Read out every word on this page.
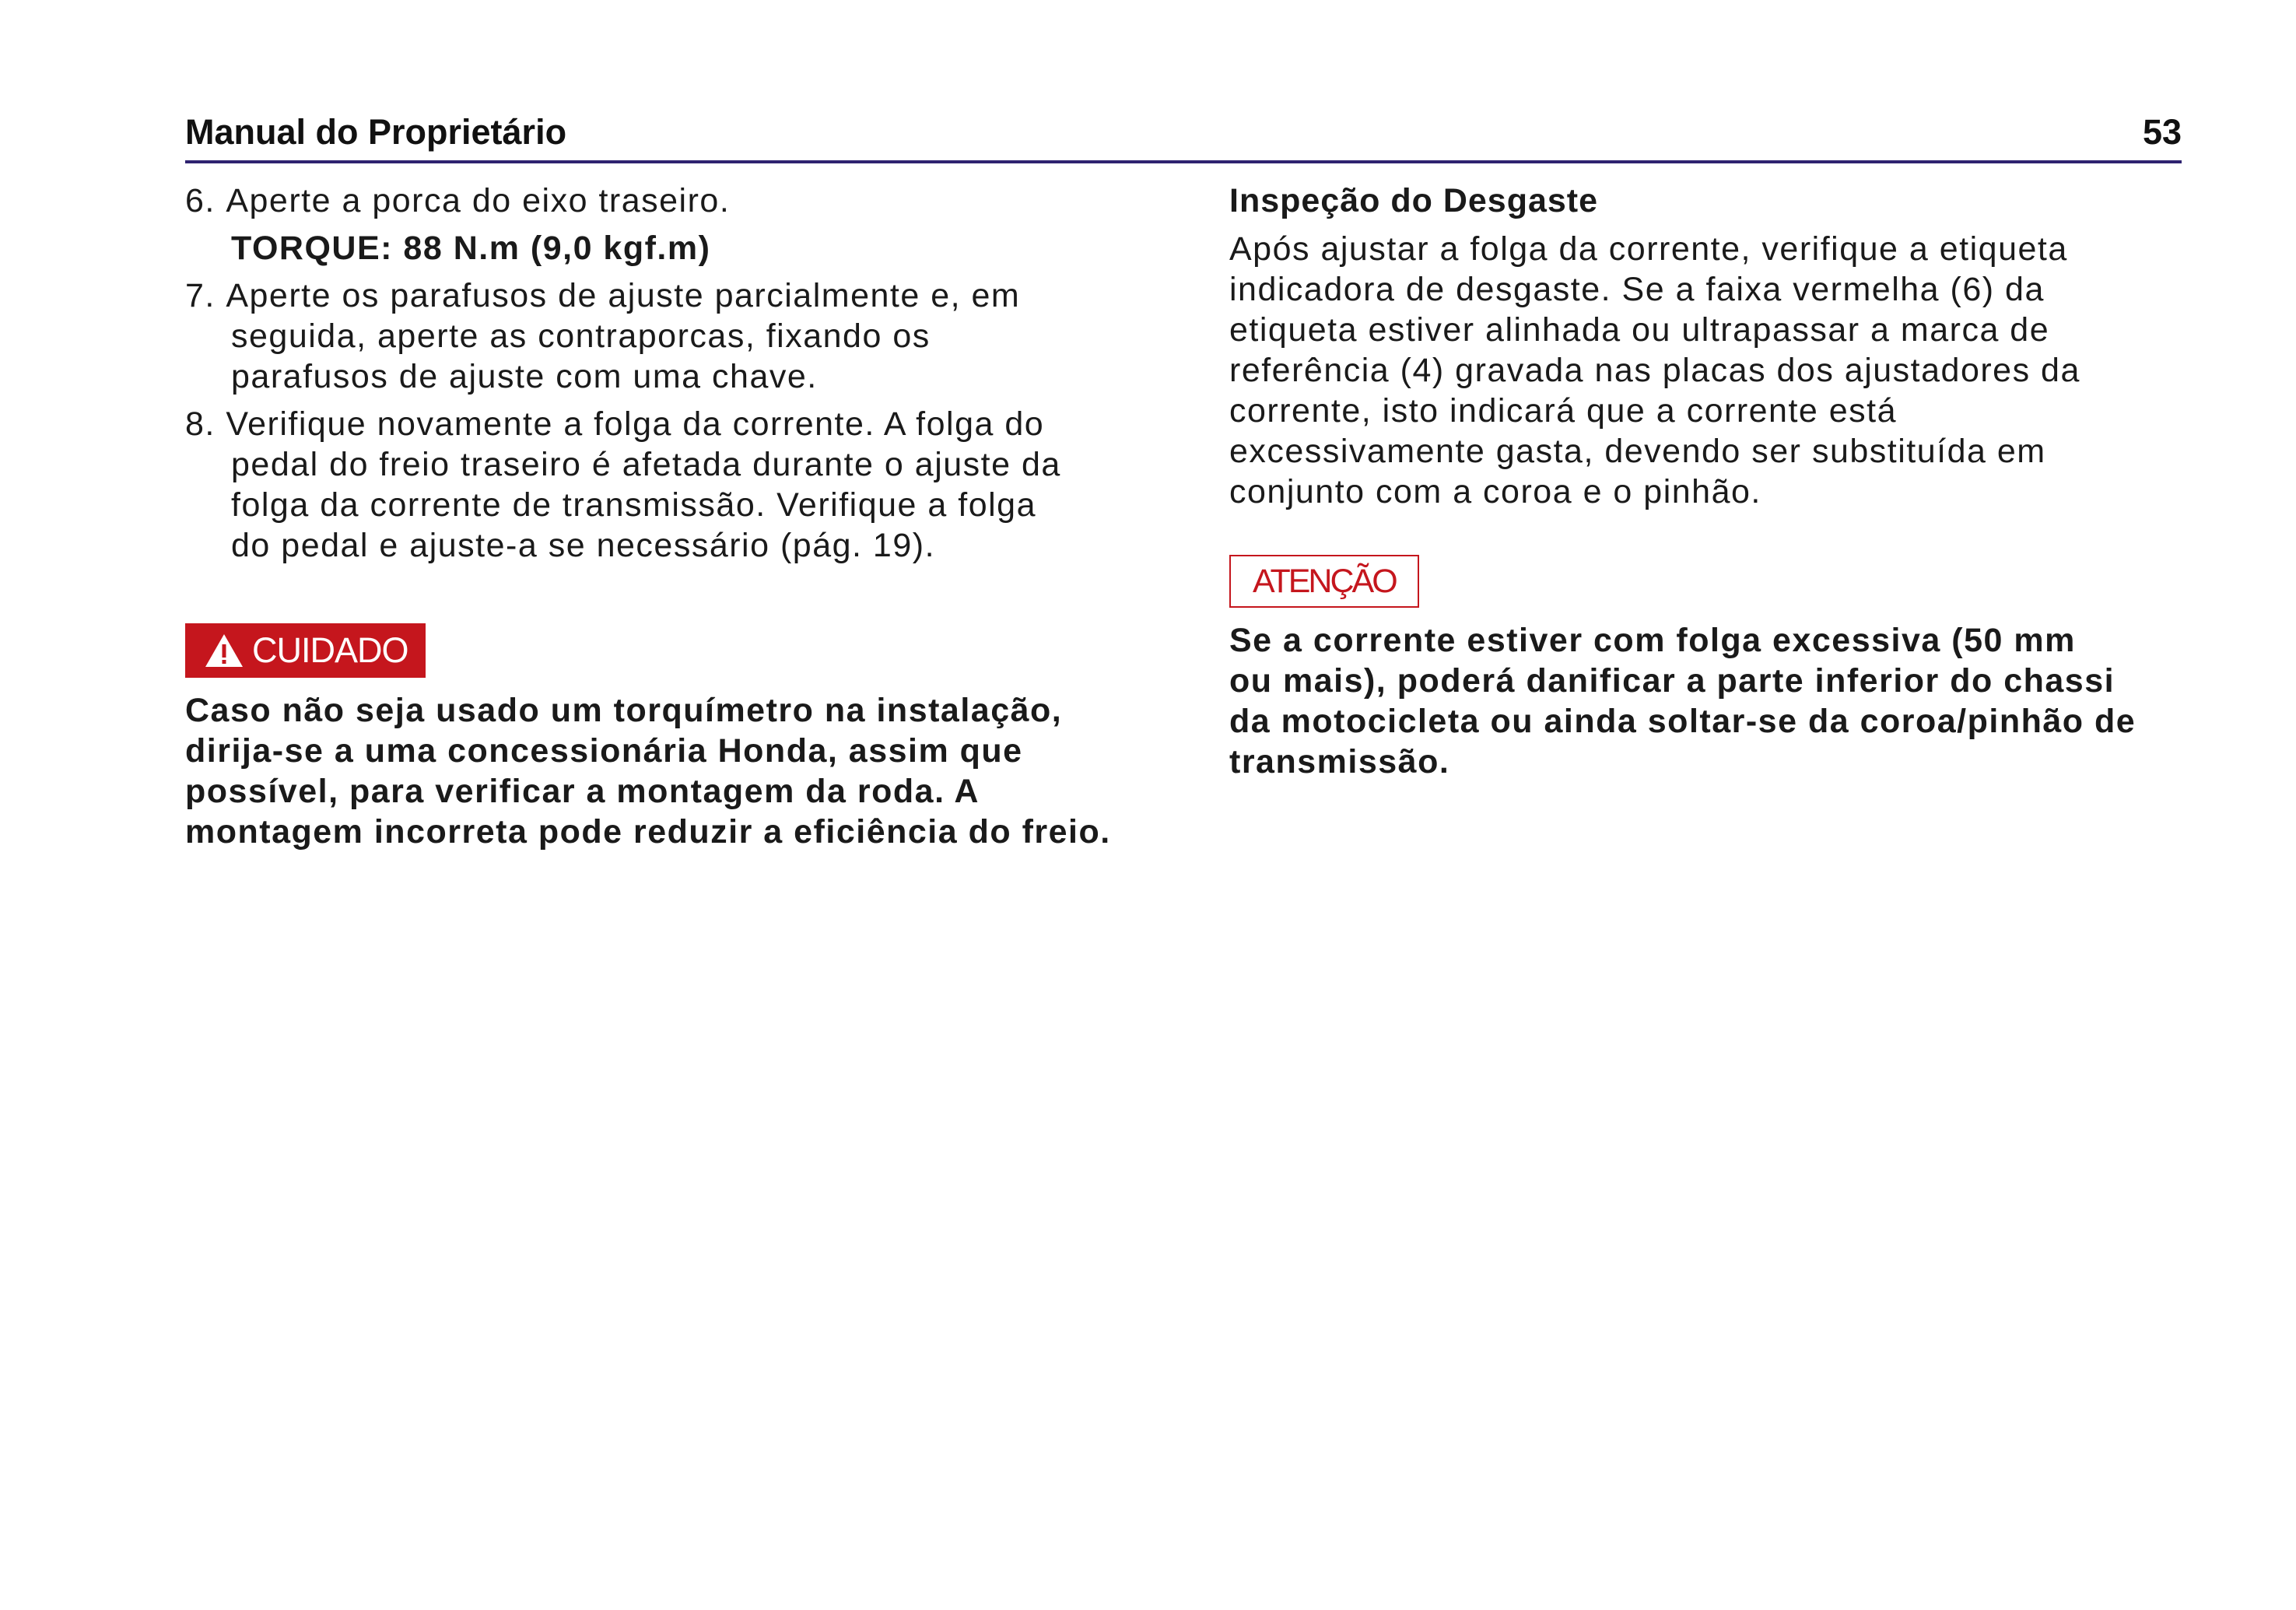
Manual do Proprietário	53
6. Aperte a porca do eixo traseiro.
TORQUE: 88 N.m (9,0 kgf.m)
7. Aperte os parafusos de ajuste parcialmente e, em
seguida, aperte as contraporcas, fixando os
parafusos de ajuste com uma chave.
8. Verifique novamente a folga da corrente. A folga do
pedal do freio traseiro é afetada durante o ajuste da
folga da corrente de transmissão. Verifique a folga
do pedal e ajuste-a se necessário (pág. 19).
CUIDADO
Caso não seja usado um torquímetro na instalação,
dirija-se a uma concessionária Honda, assim que
possível, para verificar a montagem da roda. A
montagem incorreta pode reduzir a eficiência do freio.
Inspeção do Desgaste
Após ajustar a folga da corrente, verifique a etiqueta
indicadora de desgaste. Se a faixa vermelha (6) da
etiqueta estiver alinhada ou ultrapassar a marca de
referência (4) gravada nas placas dos ajustadores da
corrente, isto indicará que a corrente está
excessivamente gasta, devendo ser substituída em
conjunto com a coroa e o pinhão.
ATENÇÃO
Se a corrente estiver com folga excessiva (50 mm
ou mais), poderá danificar a parte inferior do chassi
da motocicleta ou ainda soltar-se da coroa/pinhão de
transmissão.
